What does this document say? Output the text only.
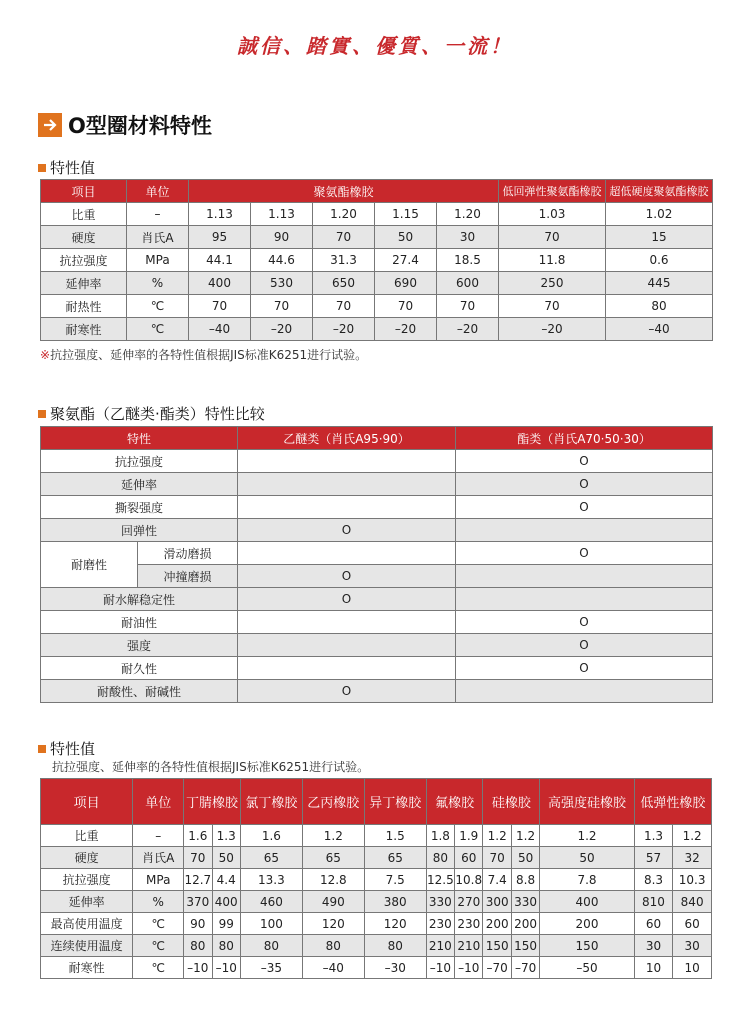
誠信、踏實、優質、一流！
O型圈材料特性
特性值
项目	单位	聚氨酯橡胶					低回弹性聚氨酯橡胶	超低硬度聚氨酯橡胶
比重	–	1.13	1.13	1.20	1.15	1.20	1.03	1.02
硬度	肖氏A	95	90	70	50	30	70	15
抗拉强度	MPa	44.1	44.6	31.3	27.4	18.5	11.8	0.6
延伸率	%	400	530	650	690	600	250	445
耐热性	℃	70	70	70	70	70	70	80
耐寒性	℃	–40	–20	–20	–20	–20	–20	–40
※抗拉强度、延伸率的各特性值根据JIS标准K6251进行试验。
聚氨酯（乙醚类·酯类）特性比较
特性		乙醚类（肖氏A95·90）	酯类（肖氏A70·50·30）
抗拉强度			O
延伸率			O
撕裂强度			O
回弹性		O	
耐磨性	滑动磨损		O
	冲撞磨损	O	
耐水解稳定性		O	
耐油性			O
强度			O
耐久性			O
耐酸性、耐碱性		O	
特性值
抗拉强度、延伸率的各特性值根据JIS标准K6251进行试验。
项目	单位	丁腈橡胶		氯丁橡胶	乙丙橡胶	异丁橡胶	氟橡胶		硅橡胶		高强度硅橡胶	低弹性橡胶	
比重	–	1.6	1.3	1.6	1.2	1.5	1.8	1.9	1.2	1.2	1.2	1.3	1.2
硬度	肖氏A	70	50	65	65	65	80	60	70	50	50	57	32
抗拉强度	MPa	12.7	4.4	13.3	12.8	7.5	12.5	10.8	7.4	8.8	7.8	8.3	10.3
延伸率	%	370	400	460	490	380	330	270	300	330	400	810	840
最高使用温度	℃	90	99	100	120	120	230	230	200	200	200	60	60
连续使用温度	℃	80	80	80	80	80	210	210	150	150	150	30	30
耐寒性	℃	–10	–10	–35	–40	–30	–10	–10	–70	–70	–50	10	10
